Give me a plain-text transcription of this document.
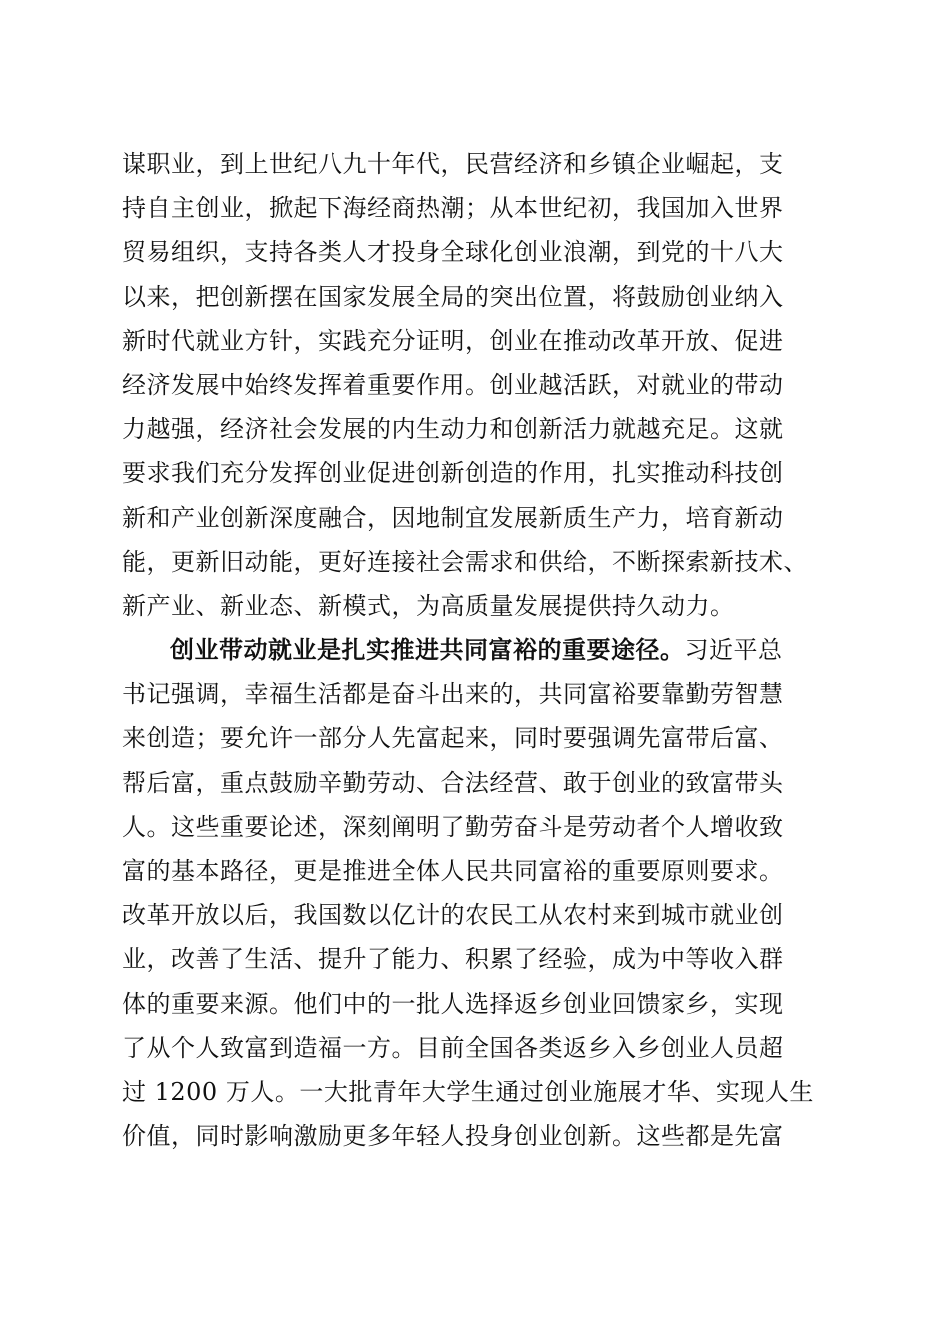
谋职业，到上世纪八九十年代，民营经济和乡镇企业崛起，支
持自主创业，掀起下海经商热潮；从本世纪初，我国加入世界
贸易组织，支持各类人才投身全球化创业浪潮，到党的十八大
以来，把创新摆在国家发展全局的突出位置，将鼓励创业纳入
新时代就业方针，实践充分证明，创业在推动改革开放、促进
经济发展中始终发挥着重要作用。创业越活跃，对就业的带动
力越强，经济社会发展的内生动力和创新活力就越充足。这就
要求我们充分发挥创业促进创新创造的作用，扎实推动科技创
新和产业创新深度融合，因地制宜发展新质生产力，培育新动
能，更新旧动能，更好连接社会需求和供给，不断探索新技术、
新产业、新业态、新模式，为高质量发展提供持久动力。
创业带动就业是扎实推进共同富裕的重要途径。习近平总
书记强调，幸福生活都是奋斗出来的，共同富裕要靠勤劳智慧
来创造；要允许一部分人先富起来，同时要强调先富带后富、
帮后富，重点鼓励辛勤劳动、合法经营、敢于创业的致富带头
人。这些重要论述，深刻阐明了勤劳奋斗是劳动者个人增收致
富的基本路径，更是推进全体人民共同富裕的重要原则要求。
改革开放以后，我国数以亿计的农民工从农村来到城市就业创
业，改善了生活、提升了能力、积累了经验，成为中等收入群
体的重要来源。他们中的一批人选择返乡创业回馈家乡，实现
了从个人致富到造福一方。目前全国各类返乡入乡创业人员超
过 1200 万人。一大批青年大学生通过创业施展才华、实现人生
价值，同时影响激励更多年轻人投身创业创新。这些都是先富
